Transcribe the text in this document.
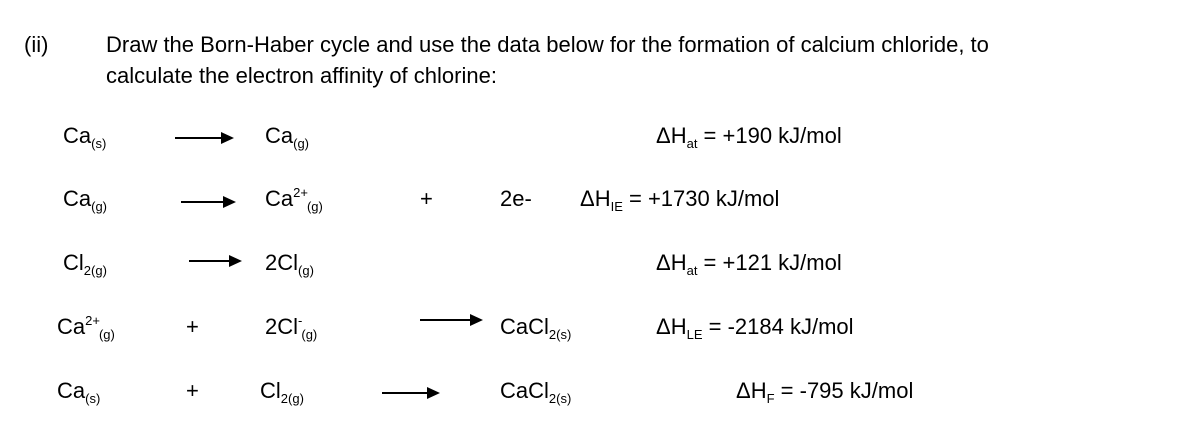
(ii)	Draw the Born-Haber cycle and use the data below for the formation of calcium chloride, to
calculate the electron affinity of chlorine:
$Ca_{(s)}$	$Ca_{(g)}$	$\Delta H_{at} = +190$ kJ/mol
$Ca_{(g)}$	$Ca^{2+}_{(g)}$	+	2e- $\Delta H_{IE} = +1730$ kJ/mol
$Cl_{2(g)}$	$2Cl_{(g)}$	$\Delta H_{at} = +121$ kJ/mol
$Ca^{2+}_{(g)}$	+	$2Cl^-_{(g)}$	CaCl$_{2(s)}$	$\Delta H_{LE} = -2184$ kJ/mol
$Ca_{(s)}$	+	$Cl_{2(g)}$	CaCl$_{2(s)}$	$\Delta H_F = -795$ kJ/mol
